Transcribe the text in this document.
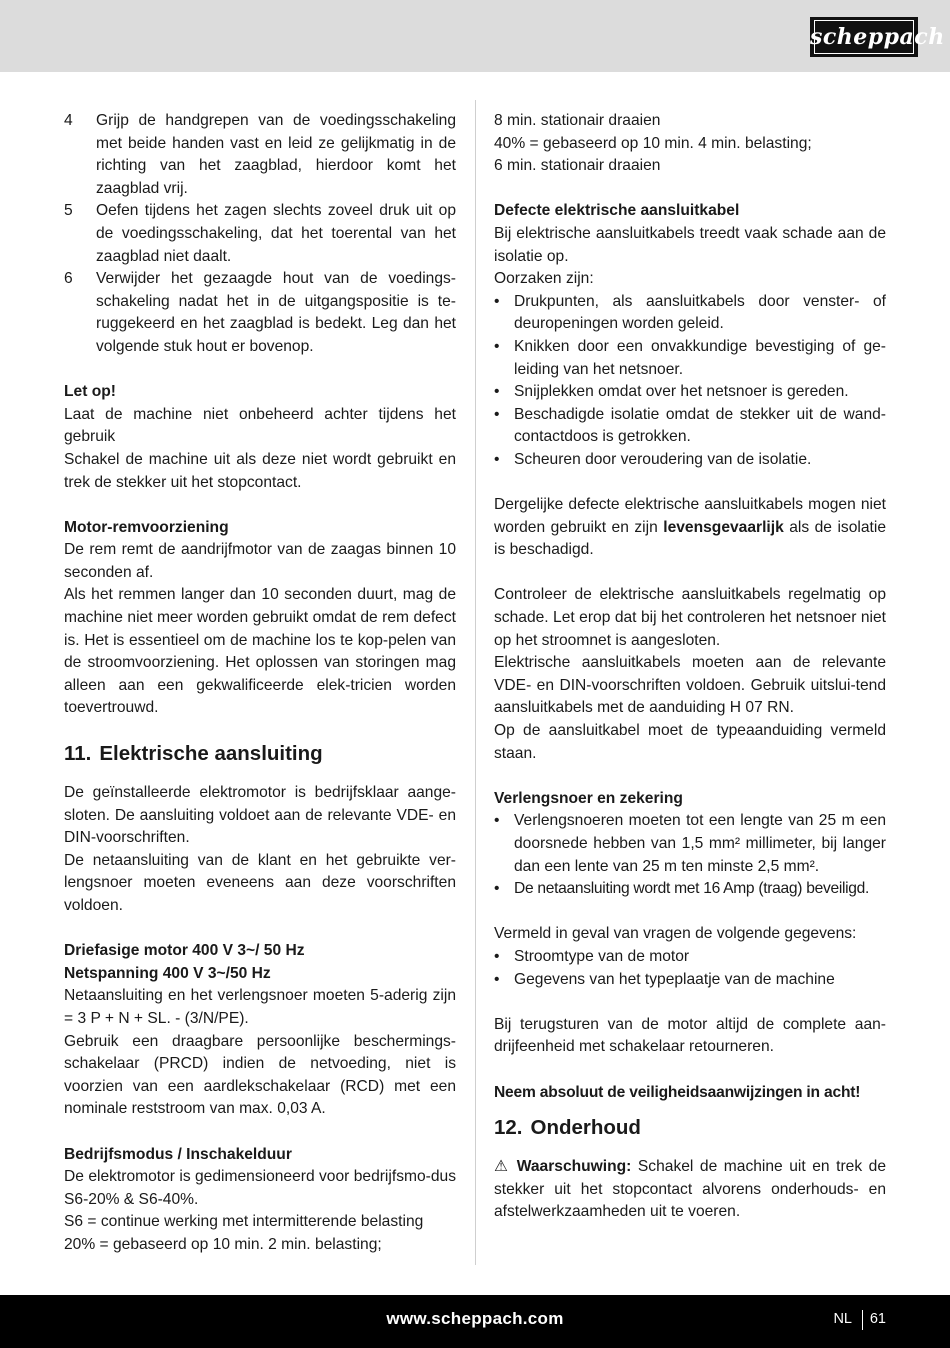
scheppach
4	Grijp de handgrepen van de voedingsschakeling met beide handen vast en leid ze gelijkmatig in de richting van het zaagblad, hierdoor komt het zaagblad vrij.
5	Oefen tijdens het zagen slechts zoveel druk uit op de voedingsschakeling, dat het toerental van het zaagblad niet daalt.
6	Verwijder het gezaagde hout van de voedings-schakeling nadat het in de uitgangspositie is te-ruggekeerd en het zaagblad is bedekt. Leg dan het volgende stuk hout er bovenop.

Let op!

Laat de machine niet onbeheerd achter tijdens het gebruik

Schakel de machine uit als deze niet wordt gebruikt en trek de stekker uit het stopcontact.

Motor-remvoorziening

De rem remt de aandrijfmotor van de zaagas binnen 10 seconden af.

Als het remmen langer dan 10 seconden duurt, mag de machine niet meer worden gebruikt omdat de rem defect is. Het is essentieel om de machine los te kop-pelen van de stroomvoorziening. Het oplossen van storingen mag alleen aan een gekwalificeerde elek-tricien worden toevertrouwd.

11. Elektrische aansluiting

De geïnstalleerde elektromotor is bedrijfsklaar aange-sloten. De aansluiting voldoet aan de relevante VDE- en DIN-voorschriften.

De netaansluiting van de klant en het gebruikte ver-lengsnoer moeten eveneens aan deze voorschriften voldoen.

Driefasige motor 400 V 3~/ 50 Hz

Netspanning 400 V 3~/50 Hz

Netaansluiting en het verlengsnoer moeten 5-aderig zijn = 3 P + N + SL. - (3/N/PE).

Gebruik een draagbare persoonlijke beschermings-schakelaar (PRCD) indien de netvoeding, niet is voorzien van een aardlekschakelaar (RCD) met een nominale reststroom van max. 0,03 A.

Bedrijfsmodus / Inschakelduur

De elektromotor is gedimensioneerd voor bedrijfsmo-dus S6-20% & S6-40%.

S6 = continue werking met intermitterende belasting

20% = gebaseerd op 10 min. 2 min. belasting;

8 min. stationair draaien

40% = gebaseerd op 10 min. 4 min. belasting;

6 min. stationair draaien

Defecte elektrische aansluitkabel

Bij elektrische aansluitkabels treedt vaak schade aan de isolatie op.

Oorzaken zijn:

• Drukpunten, als aansluitkabels door venster- of deuropeningen worden geleid.
• Knikken door een onvakkundige bevestiging of ge-leiding van het netsnoer.
• Snijplekken omdat over het netsnoer is gereden.
• Beschadigde isolatie omdat de stekker uit de wand-contactdoos is getrokken.
• Scheuren door veroudering van de isolatie.

Dergelijke defecte elektrische aansluitkabels mogen niet worden gebruikt en zijn levensgevaarlijk als de isolatie is beschadigd.

Controleer de elektrische aansluitkabels regelmatig op schade. Let erop dat bij het controleren het netsnoer niet op het stroomnet is aangesloten.

Elektrische aansluitkabels moeten aan de relevante VDE- en DIN-voorschriften voldoen. Gebruik uitslui-tend aansluitkabels met de aanduiding H 07 RN.

Op de aansluitkabel moet de typeaanduiding vermeld staan.

Verlengsnoer en zekering

• Verlengsnoeren moeten tot een lengte van 25 m een doorsnede hebben van 1,5 mm² millimeter, bij langer dan een lente van 25 m ten minste 2,5 mm².
• De netaansluiting wordt met 16 Amp (traag) beveiligd.

Vermeld in geval van vragen de volgende gegevens:

• Stroomtype van de motor
• Gegevens van het typeplaatje van de machine

Bij terugsturen van de motor altijd de complete aan-drijfeenheid met schakelaar retourneren.

Neem absoluut de veiligheidsaanwijzingen in acht!

12. Onderhoud

⚠ Waarschuwing: Schakel de machine uit en trek de stekker uit het stopcontact alvorens onderhouds- en afstelwerkzaamheden uit te voeren.

www.scheppach.com	NL 61
